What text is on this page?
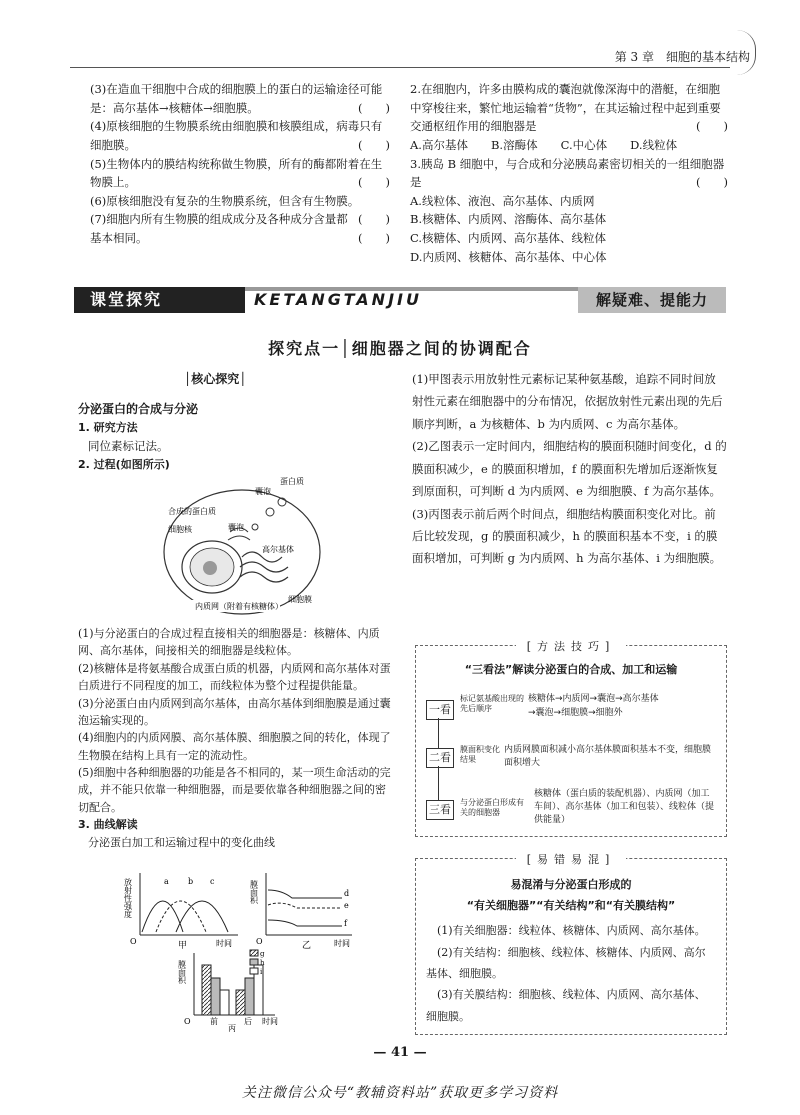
第 3 章　细胞的基本结构

(3)在造血干细胞中合成的细胞膜上的蛋白的运输途径可能是：高尔基体→核糖体→细胞膜。	(　　)

(4)原核细胞的生物膜系统由细胞膜和核膜组成，病毒只有细胞膜。	(　　)

(5)生物体内的膜结构统称做生物膜，所有的酶都附着在生物膜上。	(　　)

(6)原核细胞没有复杂的生物膜系统，但含有生物膜。
(　　)

(7)细胞内所有生物膜的组成成分及各种成分含量都基本相同。	(　　)

2.在细胞内，许多由膜构成的囊泡就像深海中的潜艇，在细胞中穿梭往来，繁忙地运输着“货物”，在其运输过程中起到重要交通枢纽作用的细胞器是	(　　)

A.高尔基体　　B.溶酶体　　C.中心体　　D.线粒体

3.胰岛 B 细胞中，与合成和分泌胰岛素密切相关的一组细胞器是	(　　)

A.线粒体、液泡、高尔基体、内质网

B.核糖体、内质网、溶酶体、高尔基体

C.核糖体、内质网、高尔基体、线粒体

D.内质网、核糖体、高尔基体、中心体

课堂探究	KETANGTANJIU	解疑难、提能力
探究点一│细胞器之间的协调配合
│核心探究│

分泌蛋白的合成与分泌

1. 研究方法

同位素标记法。

2. 过程(如图所示)

蛋白质
囊泡
合成的蛋白质
细胞核	囊泡
高尔基体
内质网（附着有核糖体）
细胞膜

(1)与分泌蛋白的合成过程直接相关的细胞器是：核糖体、内质网、高尔基体，间接相关的细胞器是线粒体。

(2)核糖体是将氨基酸合成蛋白质的机器，内质网和高尔基体对蛋白质进行不同程度的加工，而线粒体为整个过程提供能量。

(3)分泌蛋白由内质网到高尔基体，由高尔基体到细胞膜是通过囊泡运输实现的。

(4)细胞内的内质网膜、高尔基体膜、细胞膜之间的转化，体现了生物膜在结构上具有一定的流动性。

(5)细胞中各种细胞器的功能是各不相同的，某一项生命活动的完成，并不能只依靠一种细胞器，而是要依靠各种细胞器之间的密切配合。

3. 曲线解读

分泌蛋白加工和运输过程中的变化曲线

放射性强度	a b c
O	时间
甲
膜面积	d
e
f
O	时间
乙
g
h
i
膜面积
O 前	后 时间
丙

(1)甲图表示用放射性元素标记某种氨基酸，追踪不同时间放射性元素在细胞器中的分布情况，依据放射性元素出现的先后顺序判断，a 为核糖体、b 为内质网、c 为高尔基体。

(2)乙图表示一定时间内，细胞结构的膜面积随时间变化，d 的膜面积减少，e 的膜面积增加，f 的膜面积先增加后逐渐恢复到原面积，可判断 d 为内质网、e 为细胞膜、f 为高尔基体。

(3)丙图表示前后两个时间点，细胞结构膜面积变化对比。前后比较发现，g 的膜面积减少，h 的膜面积基本不变，i 的膜面积增加，可判断 g 为内质网、h 为高尔基体、i 为细胞膜。

[方法技巧]
“三看法”解读分泌蛋白的合成、加工和运输
一看
二看
三看
标记氨基酸出现的先后顺序
核糖体→内质网→囊泡→高尔基体
→囊泡→细胞膜→细胞外
膜面积变化结果
内质网膜面积减小高尔基体膜面积基本不变，细胞膜面积增大
与分泌蛋白形成有关的细胞器
核糖体（蛋白质的装配机器）、内质网（加工车间）、高尔基体（加工和包装）、线粒体（提供能量）
[易错易混]
易混淆与分泌蛋白形成的
“有关细胞器”“有关结构”和“有关膜结构”
(1)有关细胞器：线粒体、核糖体、内质网、高尔基体。
(2)有关结构：细胞核、线粒体、核糖体、内质网、高尔基体、细胞膜。
(3)有关膜结构：细胞核、线粒体、内质网、高尔基体、细胞膜。
— 41 —
关注微信公众号“教辅资料站”获取更多学习资料
